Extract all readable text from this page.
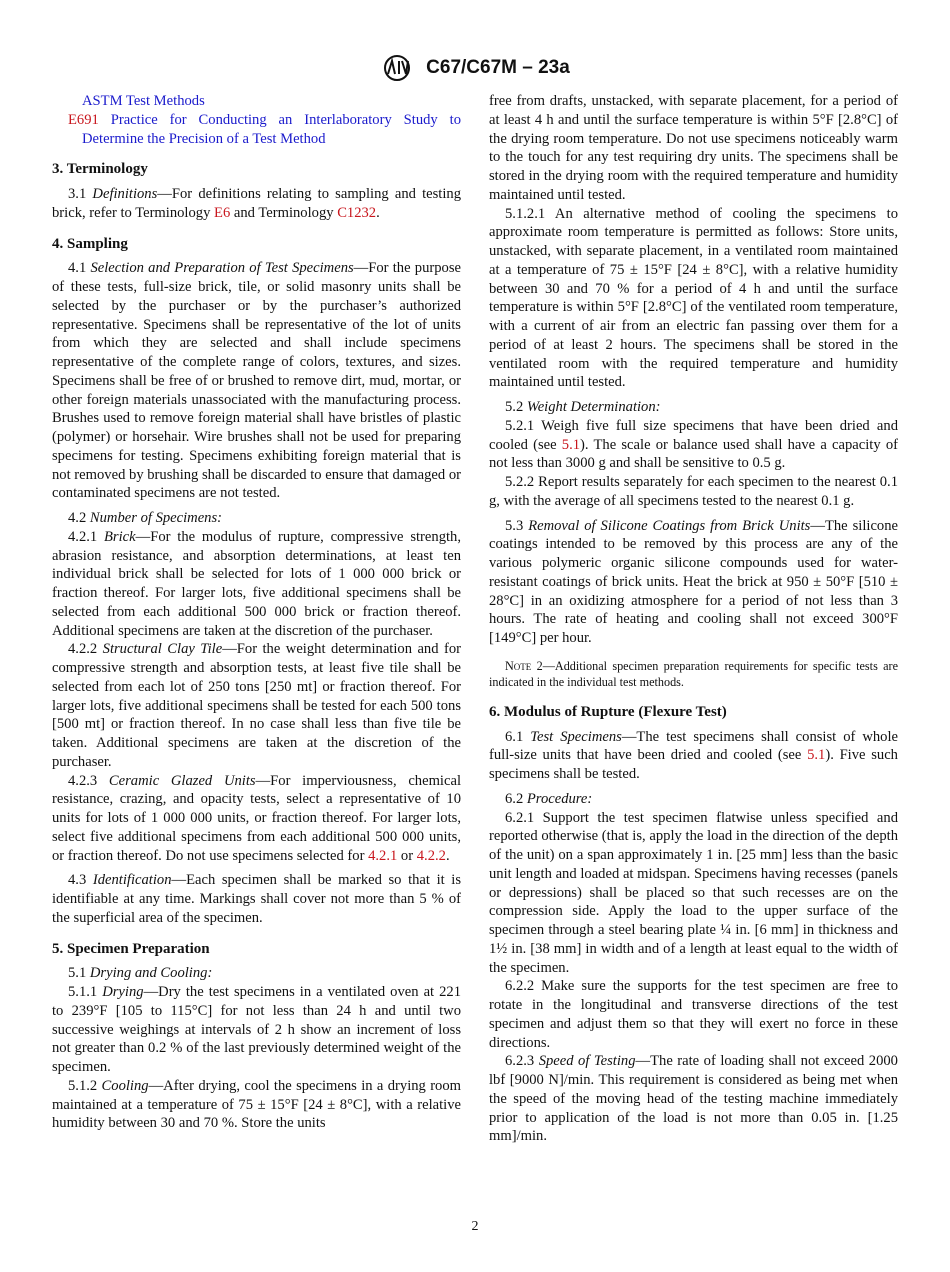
C67/C67M – 23a

ASTM Test Methods

E691 Practice for Conducting an Interlaboratory Study to Determine the Precision of a Test Method

3. Terminology

3.1 Definitions—For definitions relating to sampling and testing brick, refer to Terminology E6 and Terminology C1232.

4. Sampling

4.1 Selection and Preparation of Test Specimens—For the purpose of these tests, full-size brick, tile, or solid masonry units shall be selected by the purchaser or by the purchaser’s authorized representative. Specimens shall be representative of the lot of units from which they are selected and shall include specimens representative of the complete range of colors, textures, and sizes. Specimens shall be free of or brushed to remove dirt, mud, mortar, or other foreign materials unassociated with the manufacturing process. Brushes used to remove foreign material shall have bristles of plastic (polymer) or horsehair. Wire brushes shall not be used for preparing specimens for testing. Specimens exhibiting foreign material that is not removed by brushing shall be discarded to ensure that damaged or contaminated specimens are not tested.

4.2 Number of Specimens:

4.2.1 Brick—For the modulus of rupture, compressive strength, abrasion resistance, and absorption determinations, at least ten individual brick shall be selected for lots of 1 000 000 brick or fraction thereof. For larger lots, five additional specimens shall be selected from each additional 500 000 brick or fraction thereof. Additional specimens are taken at the discretion of the purchaser.

4.2.2 Structural Clay Tile—For the weight determination and for compressive strength and absorption tests, at least five tile shall be selected from each lot of 250 tons [250 mt] or fraction thereof. For larger lots, five additional specimens shall be tested for each 500 tons [500 mt] or fraction thereof. In no case shall less than five tile be taken. Additional specimens are taken at the discretion of the purchaser.

4.2.3 Ceramic Glazed Units—For imperviousness, chemical resistance, crazing, and opacity tests, select a representative of 10 units for lots of 1 000 000 units, or fraction thereof. For larger lots, select five additional specimens from each additional 500 000 units, or fraction thereof. Do not use specimens selected for 4.2.1 or 4.2.2.

4.3 Identification—Each specimen shall be marked so that it is identifiable at any time. Markings shall cover not more than 5 % of the superficial area of the specimen.

5. Specimen Preparation

5.1 Drying and Cooling:

5.1.1 Drying—Dry the test specimens in a ventilated oven at 221 to 239°F [105 to 115°C] for not less than 24 h and until two successive weighings at intervals of 2 h show an increment of loss not greater than 0.2 % of the last previously determined weight of the specimen.

5.1.2 Cooling—After drying, cool the specimens in a drying room maintained at a temperature of 75 ± 15°F [24 ± 8°C], with a relative humidity between 30 and 70 %. Store the units

free from drafts, unstacked, with separate placement, for a period of at least 4 h and until the surface temperature is within 5°F [2.8°C] of the drying room temperature. Do not use specimens noticeably warm to the touch for any test requiring dry units. The specimens shall be stored in the drying room with the required temperature and humidity maintained until tested.

5.1.2.1 An alternative method of cooling the specimens to approximate room temperature is permitted as follows: Store units, unstacked, with separate placement, in a ventilated room maintained at a temperature of 75 ± 15°F [24 ± 8°C], with a relative humidity between 30 and 70 % for a period of 4 h and until the surface temperature is within 5°F [2.8°C] of the ventilated room temperature, with a current of air from an electric fan passing over them for a period of at least 2 hours. The specimens shall be stored in the ventilated room with the required temperature and humidity maintained until tested.

5.2 Weight Determination:

5.2.1 Weigh five full size specimens that have been dried and cooled (see 5.1). The scale or balance used shall have a capacity of not less than 3000 g and shall be sensitive to 0.5 g.

5.2.2 Report results separately for each specimen to the nearest 0.1 g, with the average of all specimens tested to the nearest 0.1 g.

5.3 Removal of Silicone Coatings from Brick Units—The silicone coatings intended to be removed by this process are any of the various polymeric organic silicone compounds used for water-resistant coatings of brick units. Heat the brick at 950 ± 50°F [510 ± 28°C] in an oxidizing atmosphere for a period of not less than 3 hours. The rate of heating and cooling shall not exceed 300°F [149°C] per hour.

Note 2—Additional specimen preparation requirements for specific tests are indicated in the individual test methods.

6. Modulus of Rupture (Flexure Test)

6.1 Test Specimens—The test specimens shall consist of whole full-size units that have been dried and cooled (see 5.1). Five such specimens shall be tested.

6.2 Procedure:

6.2.1 Support the test specimen flatwise unless specified and reported otherwise (that is, apply the load in the direction of the depth of the unit) on a span approximately 1 in. [25 mm] less than the basic unit length and loaded at midspan. Specimens having recesses (panels or depressions) shall be placed so that such recesses are on the compression side. Apply the load to the upper surface of the specimen through a steel bearing plate ¼ in. [6 mm] in thickness and 1½ in. [38 mm] in width and of a length at least equal to the width of the specimen.

6.2.2 Make sure the supports for the test specimen are free to rotate in the longitudinal and transverse directions of the test specimen and adjust them so that they will exert no force in these directions.

6.2.3 Speed of Testing—The rate of loading shall not exceed 2000 lbf [9000 N]/min. This requirement is considered as being met when the speed of the moving head of the testing machine immediately prior to application of the load is not more than 0.05 in. [1.25 mm]/min.

2
